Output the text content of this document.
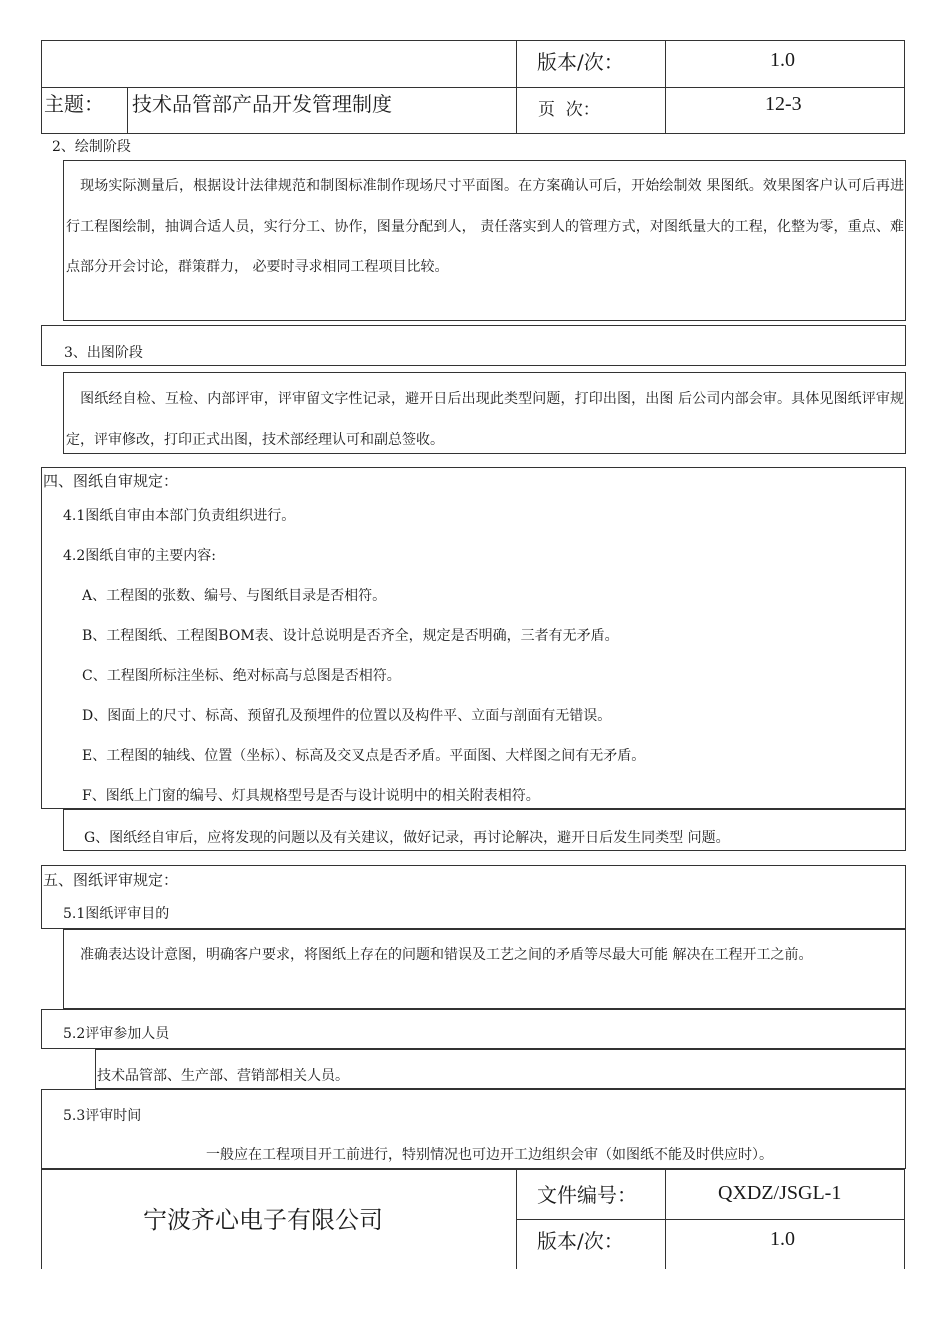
版本/次：	1.0
主题： 技术品管部产品开发管理制度	页  次：	12-3
2、绘制阶段
　现场实际测量后，根据设计法律规范和制图标准制作现场尺寸平面图。在方案确认可后，开始绘制效 果图纸。效果图客户认可后再进行工程图绘制，抽调合适人员，实行分工、协作，图量分配到人， 责任落实到人的管理方式，对图纸量大的工程，化整为零，重点、难点部分开会讨论，群策群力， 必要时寻求相同工程项目比较。
3、出图阶段
　图纸经自检、互检、内部评审，评审留文字性记录，避开日后出现此类型问题，打印出图，出图 后公司内部会审。具体见图纸评审规定，评审修改，打印正式出图，技术部经理认可和副总签收。
四、图纸自审规定：
4.1图纸自审由本部门负责组织进行。
4.2图纸自审的主要内容:
A、工程图的张数、编号、与图纸目录是否相符。
B、工程图纸、工程图BOM表、设计总说明是否齐全，规定是否明确，三者有无矛盾。
C、工程图所标注坐标、绝对标高与总图是否相符。
D、图面上的尺寸、标高、预留孔及预埋件的位置以及构件平、立面与剖面有无错误。
E、工程图的轴线、位置（坐标）、标高及交叉点是否矛盾。平面图、大样图之间有无矛盾。
F、图纸上门窗的编号、灯具规格型号是否与设计说明中的相关附表相符。
G、图纸经自审后，应将发现的问题以及有关建议，做好记录，再讨论解决，避开日后发生同类型 问题。
五、图纸评审规定：
5.1图纸评审目的
　准确表达设计意图，明确客户要求，将图纸上存在的问题和错误及工艺之间的矛盾等尽最大可能 解决在工程开工之前。
5.2评审参加人员
技术品管部、生产部、营销部相关人员。
5.3评审时间
一般应在工程项目开工前进行，特别情况也可边开工边组织会审（如图纸不能及时供应时）。
宁波齐心电子有限公司
文件编号：	QXDZ/JSGL-1
版本/次：	1.0
